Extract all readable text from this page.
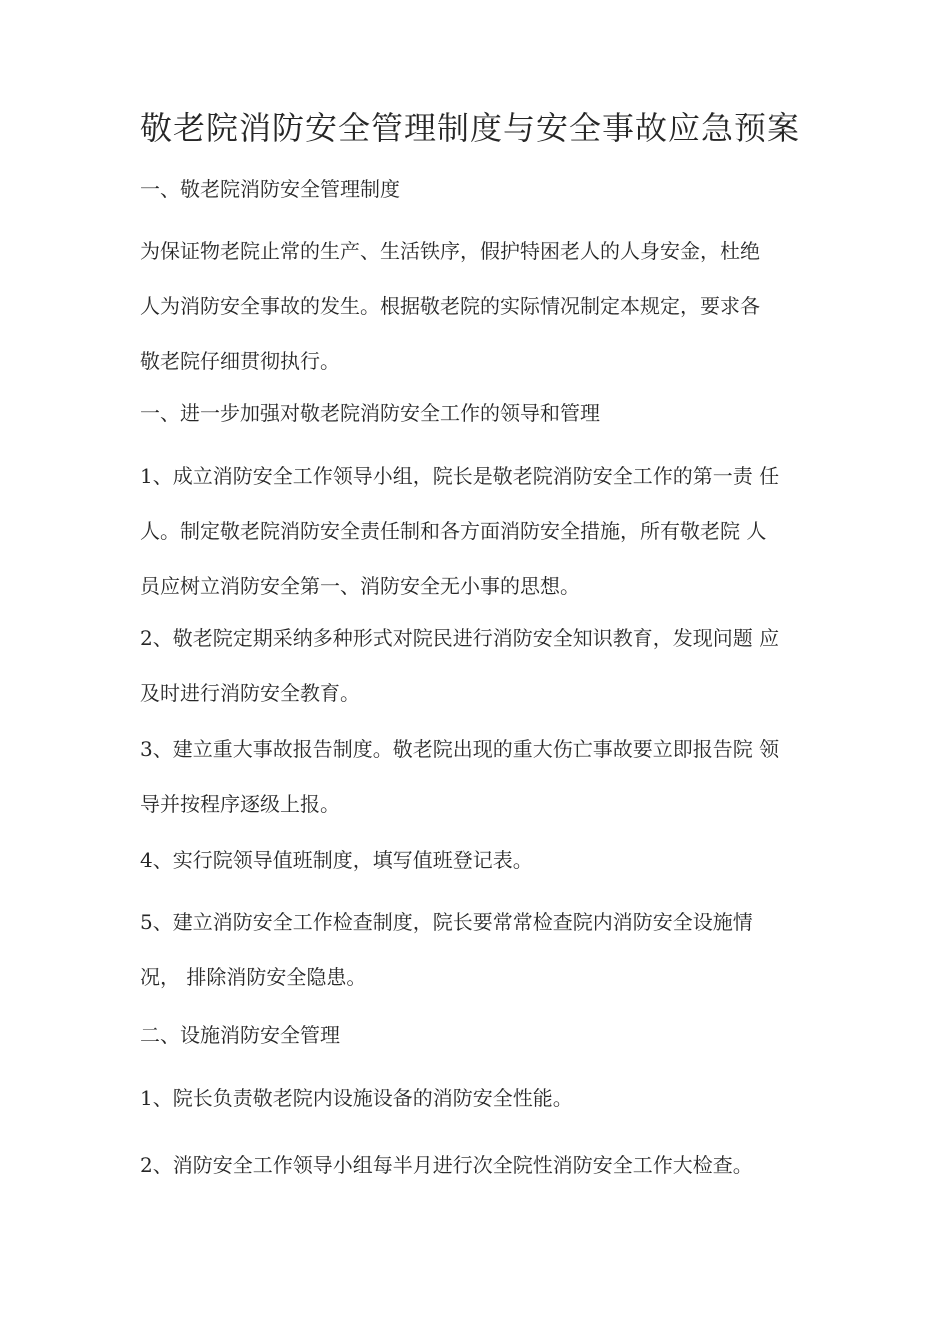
敬老院消防安全管理制度与安全事故应急预案
一、敬老院消防安全管理制度
为保证物老院止常的生产、生活铁序，假护特困老人的人身安金，杜绝
人为消防安全事故的发生。根据敬老院的实际情况制定本规定，要求各
敬老院仔细贯彻执行。
一、进一步加强对敬老院消防安全工作的领导和管理
1、成立消防安全工作领导小组，院长是敬老院消防安全工作的第一责 任
人。制定敬老院消防安全责任制和各方面消防安全措施，所有敬老院 人
员应树立消防安全第一、消防安全无小事的思想。
2、敬老院定期采纳多种形式对院民进行消防安全知识教育，发现问题 应
及时进行消防安全教育。
3、建立重大事故报告制度。敬老院出现的重大伤亡事故要立即报告院 领
导并按程序逐级上报。
4、实行院领导值班制度，填写值班登记表。
5、建立消防安全工作检查制度，院长要常常检查院内消防安全设施情
况， 排除消防安全隐患。
二、设施消防安全管理
1、院长负责敬老院内设施设备的消防安全性能。
2、消防安全工作领导小组每半月进行次全院性消防安全工作大检查。
